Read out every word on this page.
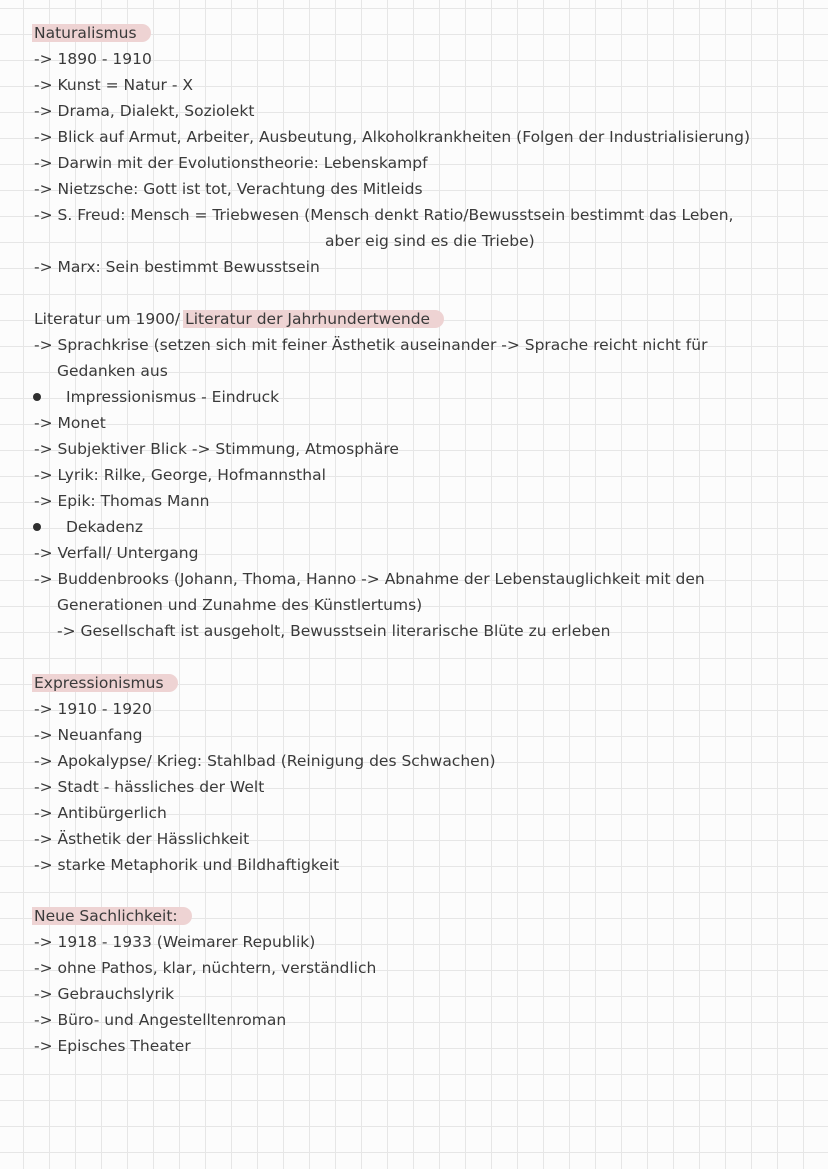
Naturalismus
-> 1890 - 1910
-> Kunst = Natur - X
-> Drama, Dialekt, Soziolekt
-> Blick auf Armut, Arbeiter, Ausbeutung, Alkoholkrankheiten (Folgen der Industrialisierung)
-> Darwin mit der Evolutionstheorie: Lebenskampf
-> Nietzsche: Gott ist tot, Verachtung des Mitleids
-> S. Freud: Mensch = Triebwesen (Mensch denkt Ratio/Bewusstsein bestimmt das Leben,
aber eig sind es die Triebe)
-> Marx: Sein bestimmt Bewusstsein
Literatur um 1900/ Literatur der Jahrhundertwende
-> Sprachkrise (setzen sich mit feiner Ästhetik auseinander -> Sprache reicht nicht für
Gedanken aus
Impressionismus - Eindruck
-> Monet
-> Subjektiver Blick -> Stimmung, Atmosphäre
-> Lyrik: Rilke, George, Hofmannsthal
-> Epik: Thomas Mann
Dekadenz
-> Verfall/ Untergang
-> Buddenbrooks (Johann, Thoma, Hanno -> Abnahme der Lebenstauglichkeit mit den
Generationen und Zunahme des Künstlertums)
-> Gesellschaft ist ausgeholt, Bewusstsein literarische Blüte zu erleben
Expressionismus
-> 1910 - 1920
-> Neuanfang
-> Apokalypse/ Krieg: Stahlbad (Reinigung des Schwachen)
-> Stadt - hässliches der Welt
-> Antibürgerlich
-> Ästhetik der Hässlichkeit
-> starke Metaphorik und Bildhaftigkeit
Neue Sachlichkeit:
-> 1918 - 1933 (Weimarer Republik)
-> ohne Pathos, klar, nüchtern, verständlich
-> Gebrauchslyrik
-> Büro- und Angestelltenroman
-> Episches Theater
